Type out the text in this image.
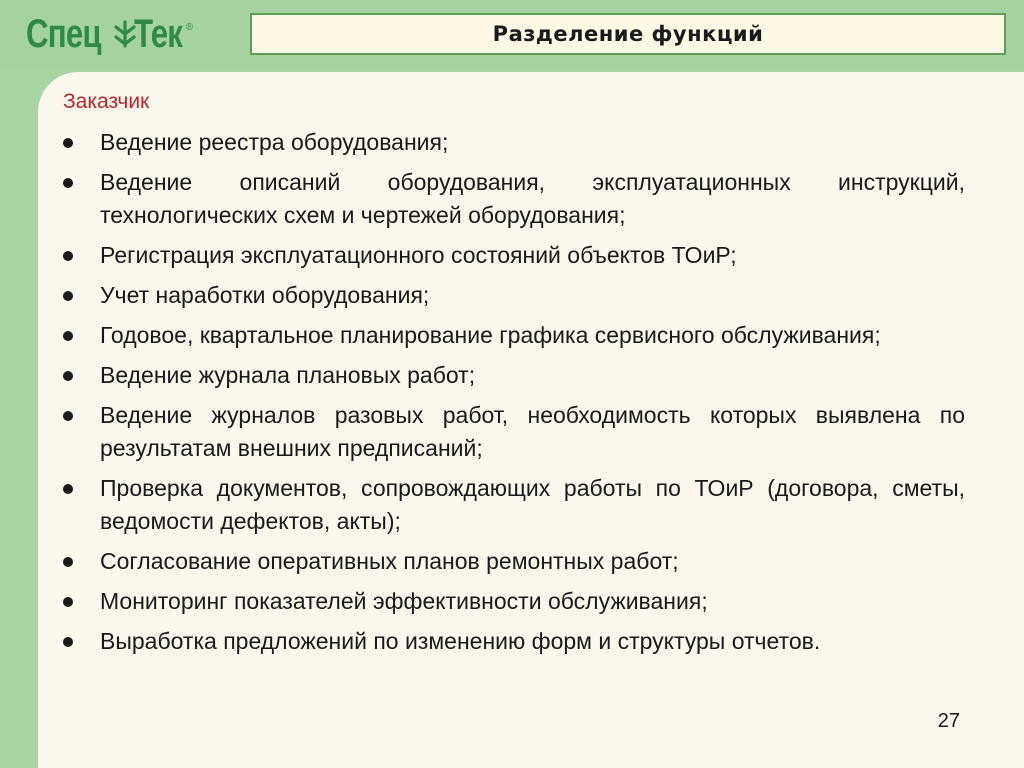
Спец Тек ®	Разделение функций
Заказчик
Ведение реестра оборудования;
Ведение описаний оборудования, эксплуатационных инструкций, технологических схем и чертежей оборудования;
Регистрация эксплуатационного состояний объектов ТОиР;
Учет наработки оборудования;
Годовое, квартальное планирование графика сервисного обслуживания;
Ведение журнала плановых работ;
Ведение журналов разовых работ, необходимость которых выявлена по результатам внешних предписаний;
Проверка документов, сопровождающих работы по ТОиР (договора, сметы, ведомости дефектов, акты);
Согласование оперативных планов ремонтных работ;
Мониторинг показателей эффективности обслуживания;
Выработка предложений по изменению форм и структуры отчетов.
27
